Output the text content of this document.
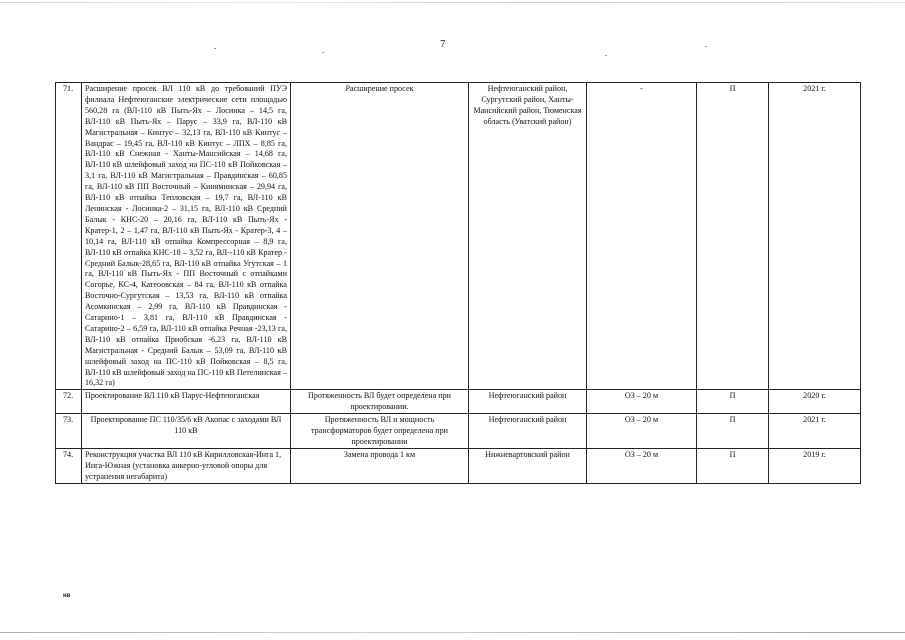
7
71.	Расширение просек ВЛ 110 кВ до требований ПУЭ филиала Нефтеюганские электрические сети площадью 560,28 га (ВЛ-110 кВ Пыть-Ях – Лосинка – 14,5 га, ВЛ-110 кВ Пыть-Ях – Парус – 33,9 га, ВЛ-110 кВ Магистральная – Кинтус – 32,13 га, ВЛ-110 кВ Кинтус – Вандрас – 19,45 га, ВЛ-110 кВ Кинтус – ЛПХ – 8,85 га, ВЛ-110 кВ Снежная - Ханты-Мансийская – 14,68 га, ВЛ-110 кВ шлейфовый заход на ПС-110 кВ Пойковская – 3,1 га, ВЛ-110 кВ Магистральная – Правдинская – 60,85 га, ВЛ-110 кВ ПП Восточный – Кинямииская – 29,94 га, ВЛ-110 кВ отпайка Тепловская – 19,7 га, ВЛ-110 кВ Ленинская - Лосинка-2 – 31,15 га, ВЛ-110 кВ Средний Балык - КНС-20 – 20,16 га, ВЛ-110 кВ Пыть-Ях - Кратер-1, 2 – 1,47 га, ВЛ-110 кВ Пыть-Ях - Кратер-3, 4 – 10,14 га, ВЛ-110 кВ отпайка Компрессорная – 8,9 га, ВЛ-110 кВ отпайка КНС-18 – 3,52 га, ВЛ--110 кВ Кратер - Средний Балык-28,65 га, ВЛ-110 кВ отпайка Угутская – 1 га, ВЛ-110 кВ Пыть-Ях - ПП Восточный с отпайками Согорье, КС-4, Катеоовская – 84 га, ВЛ-110 кВ отпайка Восточно-Сургутская – 13,53 га, ВЛ-110 кВ отпайка Асомкинская – 2,99 га, ВЛ-110 кВ Правдинская - Сатарино-1 – 3,81 га, ВЛ-110 кВ Правдинская - Сатарино-2 – 6,59 га, ВЛ-110 кВ отпайка Речная -23,13 га, ВЛ-110 кВ отпайка Приобская -6,23 га, ВЛ-110 кВ Магистральная - Средний Балык – 53,09 га, ВЛ-110 кВ шлейфовый заход на ПС-110 кВ Пойковская – 8,5 га, ВЛ-110 кВ шлейфовый заход на ПС-110 кВ Петелинская – 16,32 га)	Расширение просек	Нефтеюганский район, Сургутский район, Ханты-Мансийский район, Тюменская область (Уватский район)	-	П	2021 г.
72.	Проектирование ВЛ 110 кВ Парус-Нефтеюганская	Протяженность ВЛ будет определена при проектировании.	Нефтеюганский район	ОЗ – 20 м	П	2020 г.
73.	Проектирование ПС 110/35/6 кВ Акопас с заходами ВЛ 110 кВ	Протяженность ВЛ и мощность трансформаторов будет определена при проектировании	Нефтеюганский район	ОЗ – 20 м	П	2021 г.
74.	Реконструкция участка ВЛ 110 кВ Кирилловская-Инга 1, Инга-Южная (установка анкерно-угловой опоры для устранения негабарита)	Замена провода 1 км	Нижневартовский район	ОЗ – 20 м	П	2019 г.
нв
